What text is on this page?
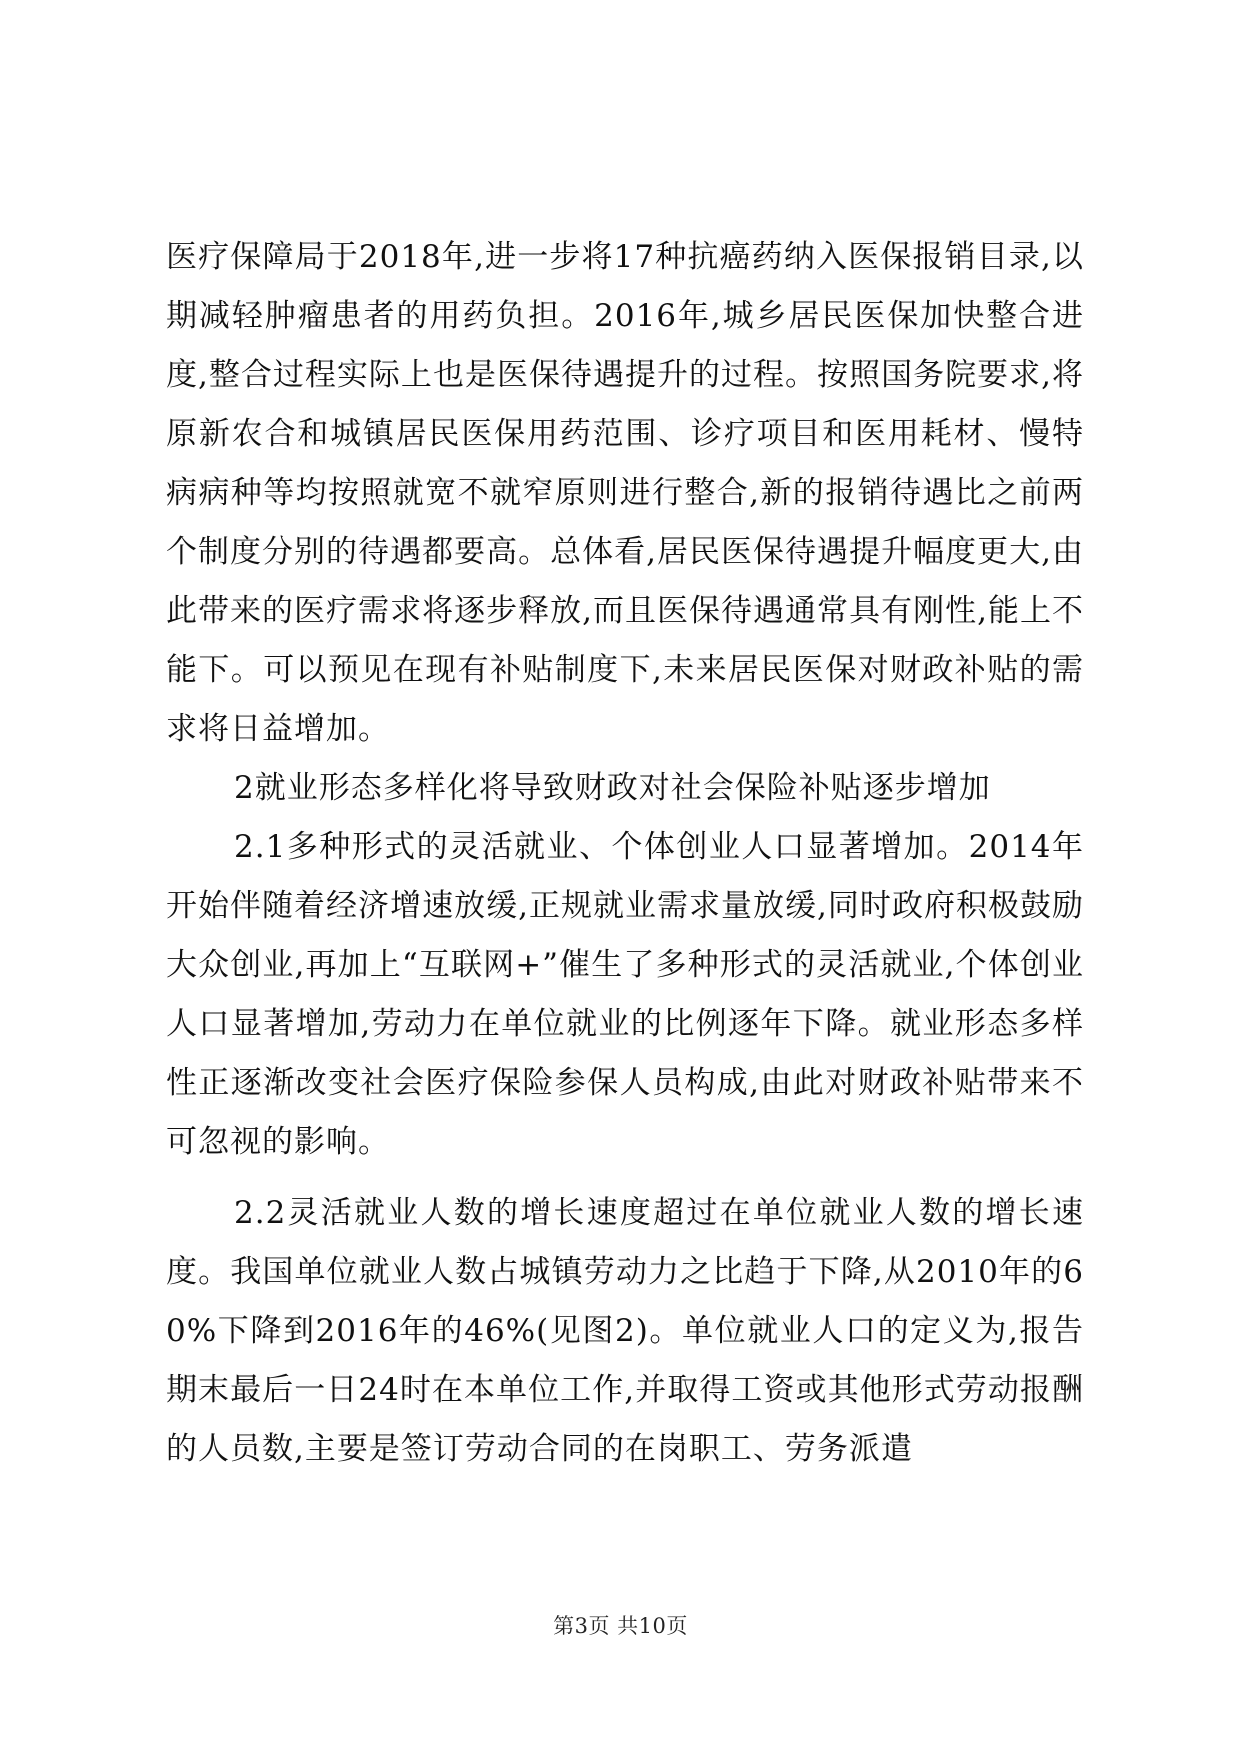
医疗保障局于2018年,进一步将17种抗癌药纳入医保报销目录,以期减轻肿瘤患者的用药负担。2016年,城乡居民医保加快整合进度,整合过程实际上也是医保待遇提升的过程。按照国务院要求,将原新农合和城镇居民医保用药范围、诊疗项目和医用耗材、慢特病病种等均按照就宽不就窄原则进行整合,新的报销待遇比之前两个制度分别的待遇都要高。总体看,居民医保待遇提升幅度更大,由此带来的医疗需求将逐步释放,而且医保待遇通常具有刚性,能上不能下。可以预见在现有补贴制度下,未来居民医保对财政补贴的需求将日益增加。

2就业形态多样化将导致财政对社会保险补贴逐步增加

2.1多种形式的灵活就业、个体创业人口显著增加。2014年开始伴随着经济增速放缓,正规就业需求量放缓,同时政府积极鼓励大众创业,再加上“互联网+”催生了多种形式的灵活就业,个体创业人口显著增加,劳动力在单位就业的比例逐年下降。就业形态多样性正逐渐改变社会医疗保险参保人员构成,由此对财政补贴带来不可忽视的影响。

2.2灵活就业人数的增长速度超过在单位就业人数的增长速度。我国单位就业人数占城镇劳动力之比趋于下降,从2010年的60%下降到2016年的46%(见图2)。单位就业人口的定义为,报告期末最后一日24时在本单位工作,并取得工资或其他形式劳动报酬的人员数,主要是签订劳动合同的在岗职工、劳务派遣

第3页 共10页
